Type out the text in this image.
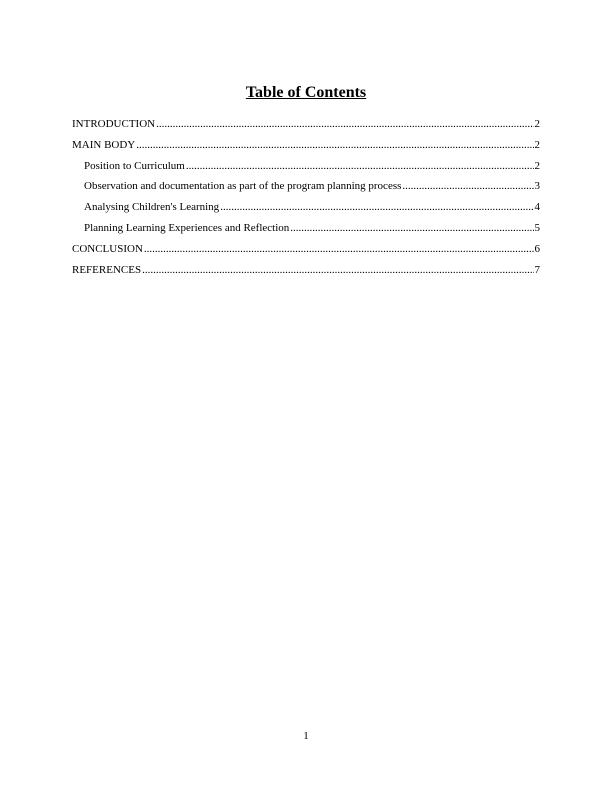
Table of Contents
INTRODUCTION .....	2
MAIN BODY .....	2
Position to Curriculum .....	2
Observation and documentation as part of the program planning process .....	3
Analysing Children's Learning .....	4
Planning Learning Experiences and Reflection .....	5
CONCLUSION .....	6
REFERENCES .....	7
1
